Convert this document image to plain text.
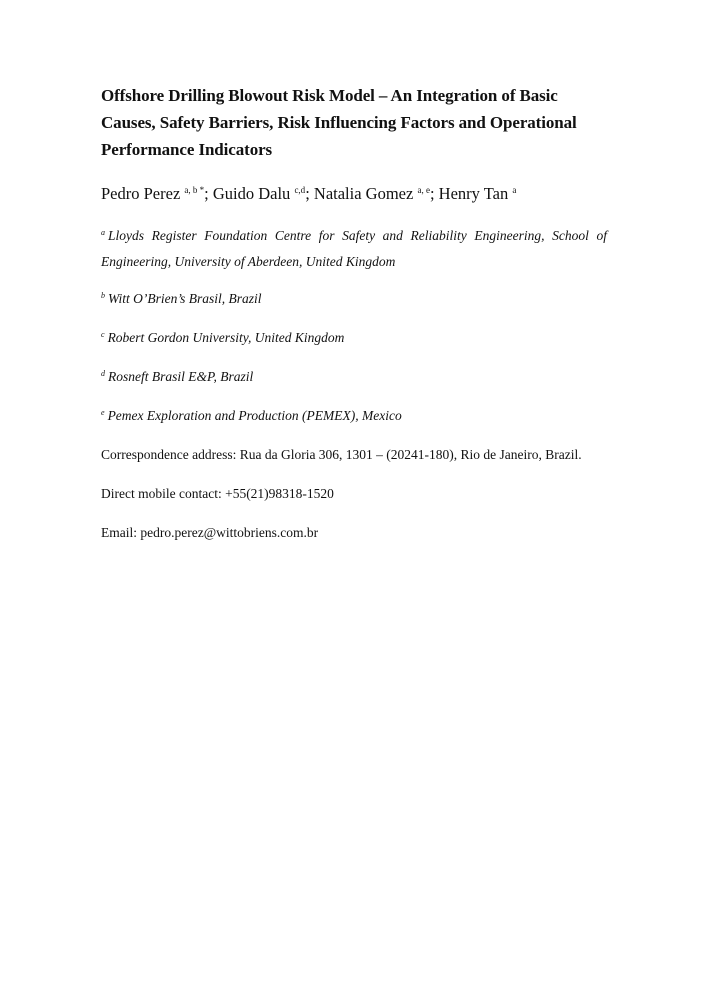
Offshore Drilling Blowout Risk Model – An Integration of Basic Causes, Safety Barriers, Risk Influencing Factors and Operational Performance Indicators
Pedro Perez $^{a, b *}$; Guido Dalu $^{c,d}$; Natalia Gomez $^{a, e}$; Henry Tan $^a$
$^a$ Lloyds Register Foundation Centre for Safety and Reliability Engineering, School of Engineering, University of Aberdeen, United Kingdom
$^b$ Witt O’Brien’s Brasil, Brazil
$^c$ Robert Gordon University, United Kingdom
$^d$ Rosneft Brasil E&P, Brazil
$^e$ Pemex Exploration and Production (PEMEX), Mexico
Correspondence address: Rua da Gloria 306, 1301 – (20241-180), Rio de Janeiro, Brazil.
Direct mobile contact: +55(21)98318-1520
Email: pedro.perez@wittobriens.com.br
